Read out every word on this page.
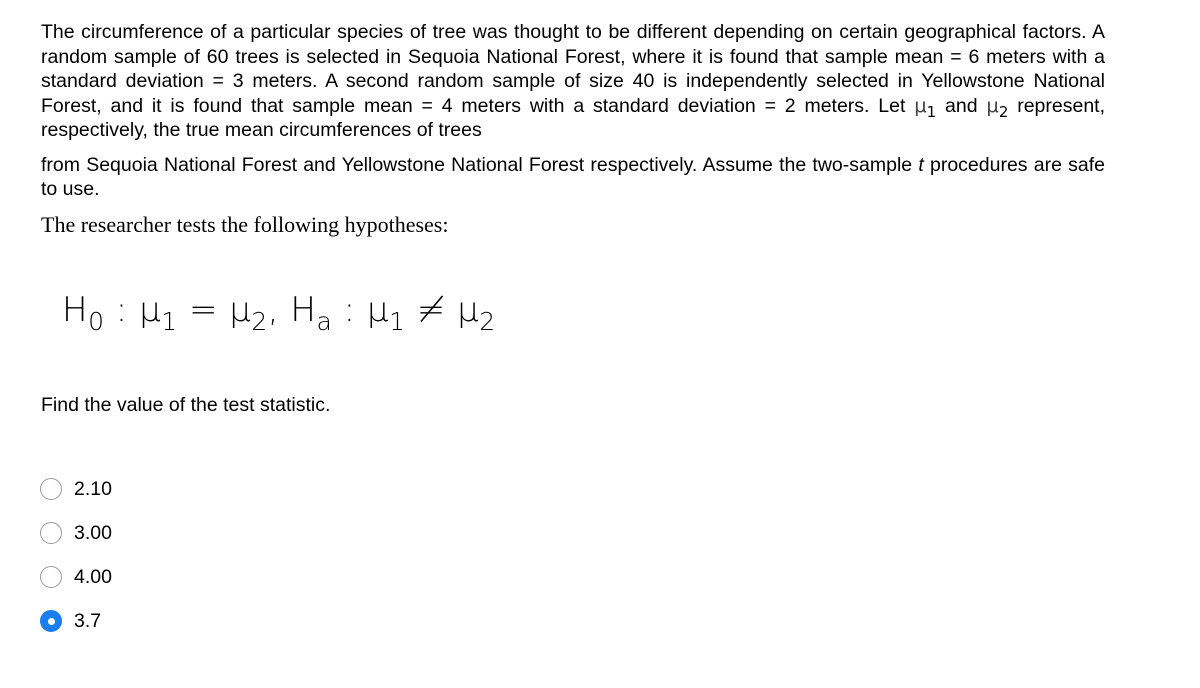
The circumference of a particular species of tree was thought to be different depending on certain geographical factors. A random sample of 60 trees is selected in Sequoia National Forest, where it is found that sample mean = 6 meters with a standard deviation = 3 meters. A second random sample of size 40 is independently selected in Yellowstone National Forest, and it is found that sample mean = 4 meters with a standard deviation = 2 meters. Let $\mu_1$ and $\mu_2$ represent, respectively, the true mean circumferences of trees

from Sequoia National Forest and Yellowstone National Forest respectively. Assume the two-sample t procedures are safe to use.

The researcher tests the following hypotheses:
$H_0$ : $\mu_1 = \mu_2$, $H_a$ : $\mu_1 \ne \mu_2$
Find the value of the test statistic.
2.10
3.00
4.00
3.7
